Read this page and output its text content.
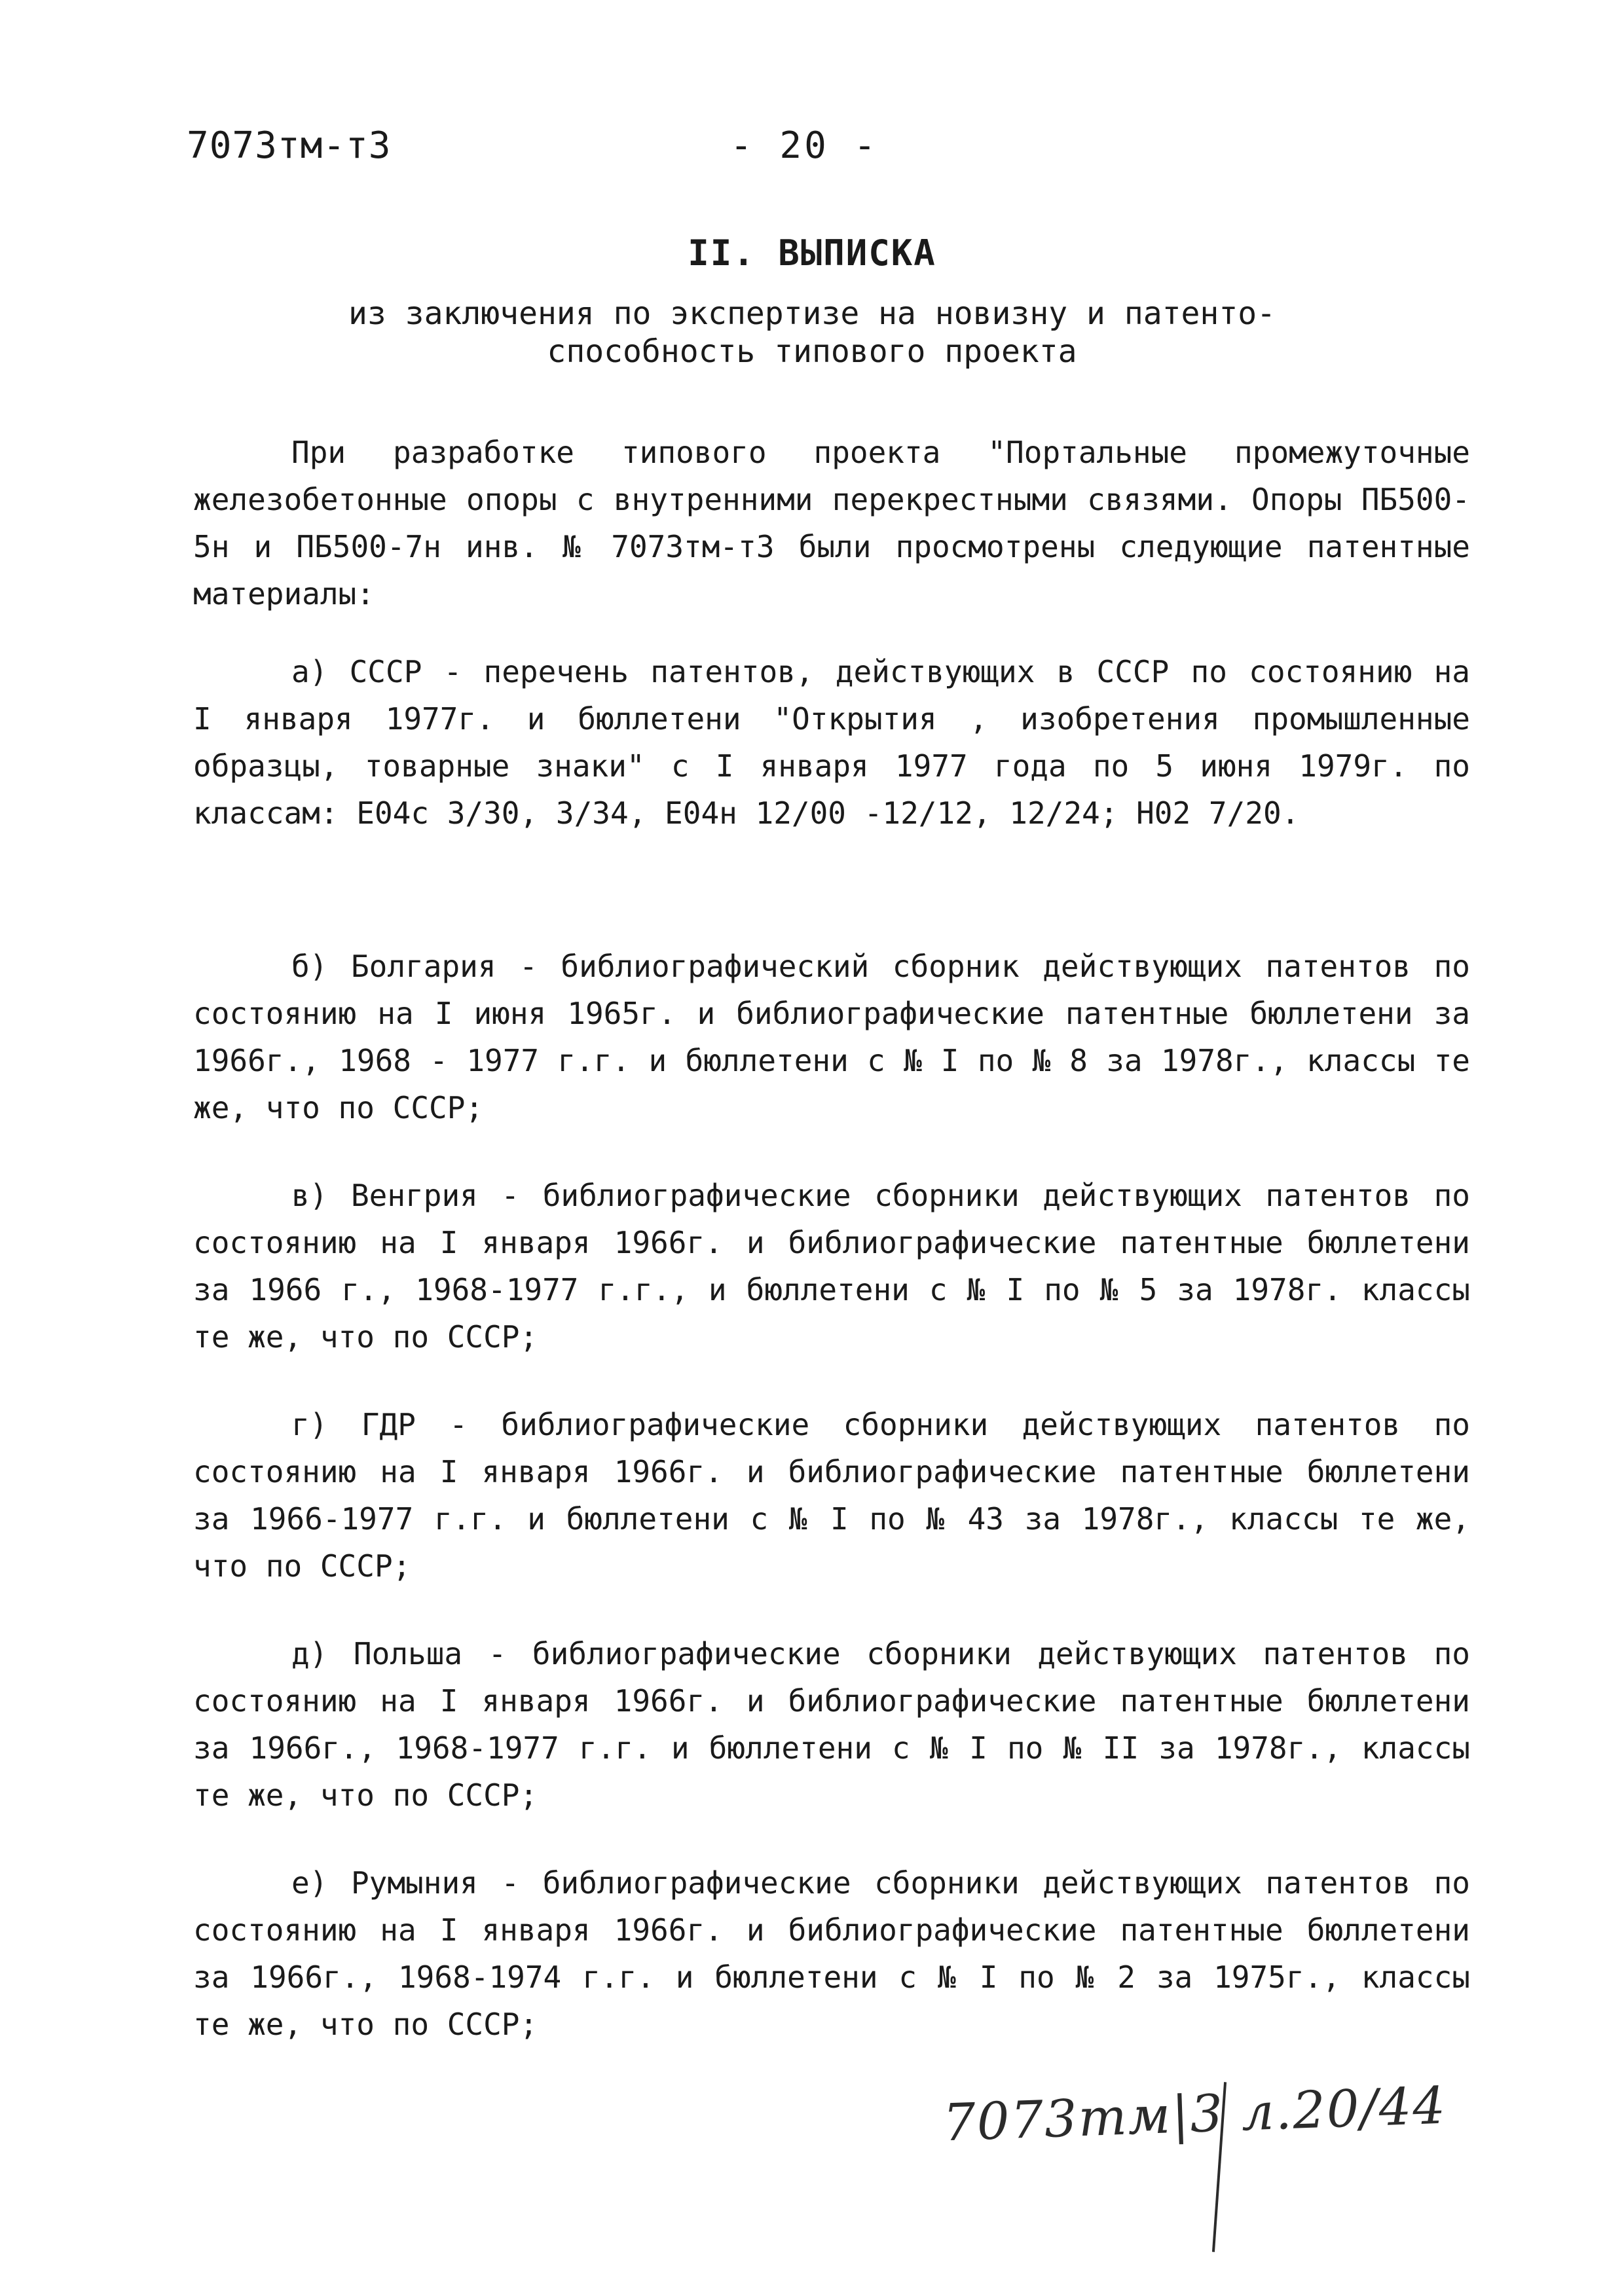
7073тм-т3	- 20 -
II. ВЫПИСКА
из заключения по экспертизе на новизну и патенто-
способность типового проекта

При разработке типового проекта "Портальные промежуточные железобетонные опоры с внутренними перекрестными связями. Опоры ПБ500-5н и ПБ500-7н инв. № 7073тм-т3 были просмотрены следующие патентные материалы:

а) СССР - перечень патентов, действующих в СССР по состоянию на I января 1977г. и бюллетени "Открытия , изобретения промышленные образцы, товарные знаки" с I января 1977 года по 5 июня 1979г. по классам: Е04с 3/30, 3/34, Е04н 12/00 -12/12, 12/24; Н02 7/20.

б) Болгария - библиографический сборник действующих патентов по состоянию на I июня 1965г. и библиографические патентные бюллетени за 1966г., 1968 - 1977 г.г. и бюллетени с № I по № 8 за 1978г., классы те же, что по СССР;

в) Венгрия - библиографические сборники действующих патентов по состоянию на I января 1966г. и библиографические патентные бюллетени за 1966 г., 1968-1977 г.г., и бюллетени с № I по № 5 за 1978г. классы те же, что по СССР;

г) ГДР - библиографические сборники действующих патентов по состоянию на I января 1966г. и библиографические патентные бюллетени за 1966-1977 г.г. и бюллетени с № I по № 43 за 1978г., классы те же, что по СССР;

д) Польша - библиографические сборники действующих патентов по состоянию на I января 1966г. и библиографические патентные бюллетени за 1966г., 1968-1977 г.г. и бюллетени с № I по № II за 1978г., классы те же, что по СССР;

е) Румыния - библиографические сборники действующих патентов по состоянию на I января 1966г. и библиографические патентные бюллетени за 1966г., 1968-1974 г.г. и бюллетени с № I по № 2 за 1975г., классы те же, что по СССР;

7073тм|3 л.20/44
